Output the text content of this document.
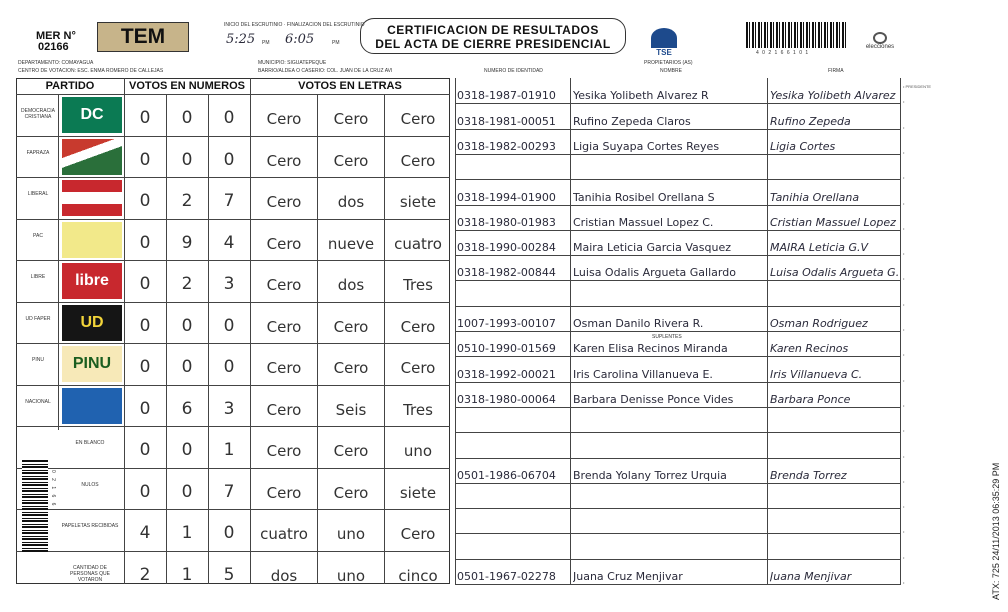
MER N°
02166	TEM	INICIO DEL ESCRUTINIO · FINALIZACION DEL ESCRUTINIO
5:25 PM 6:05	PM
CERTIFICACION DE RESULTADOS
DEL ACTA DE CIERRE PRESIDENCIAL
TSE	4 0 2 1 6 6 1 0 1
elecciones
DEPARTAMENTO: COMAYAGUA
CENTRO DE VOTACION: ESC. ENMA ROMERO DE CALLEJAS
MUNICIPIO: SIGUATEPEQUE
BARRIO/ALDEA O CASERIO: COL. JUAN DE LA CRUZ AVI	NUMERO DE IDENTIDAD
PROPIETARIOS (AS)
NOMBRE	FIRMA
PARTIDO	VOTOS EN NUMEROS	VOTOS EN LETRAS
DEMOCRACIA CRISTIANA	DC	0	0	0	Cero	Cero	Cero
FAPRAZA	0	0	0	Cero	Cero	Cero
LIBERAL	0	2	7	Cero	dos	siete
PAC	0	9	4	Cero	nueve	cuatro
LIBRE	libre	0	2	3	Cero	dos	Tres
UD FAPER	UD	0	0	0	Cero	Cero	Cero
PINU	PINU	0	0	0	Cero	Cero	Cero
NACIONAL	0	6	3	Cero	Seis	Tres
EN BLANCO	0	0	1	Cero	Cero	uno
NULOS	0	0	7	Cero	Cero	siete
PAPELETAS RECIBIDAS	4	1	0	cuatro	uno	Cero
CANTIDAD DE PERSONAS QUE VOTARON	2	1	5	dos	uno	cinco
0 2 1 6 6
SUPLENTES
0318-1987-01910	Yesika Yolibeth Alvarez R	Yesika Yolibeth Alvarez	•
0318-1981-00051	Rufino Zepeda Claros	Rufino Zepeda	•
0318-1982-00293	Ligia Suyapa Cortes Reyes	Ligia Cortes	•
•
0318-1994-01900	Tanihia Rosibel Orellana S	Tanihia Orellana	•
0318-1980-01983	Cristian Massuel Lopez C.	Cristian Massuel Lopez	•
0318-1990-00284	Maira Leticia Garcia Vasquez	MAIRA Leticia G.V	•
0318-1982-00844	Luisa Odalis Argueta Gallardo	Luisa Odalis Argueta G. •
•
1007-1993-00107	Osman Danilo Rivera R.	Osman Rodriguez	•
0510-1990-01569	Karen Elisa Recinos Miranda	Karen Recinos	•
0318-1992-00021	Iris Carolina Villanueva E.	Iris Villanueva C.	•
0318-1980-00064	Barbara Denisse Ponce Vides	Barbara Ponce	•
•
•
0501-1986-06704	Brenda Yolany Torrez Urquia	Brenda Torrez	•
•
•
•
0501-1967-02278	Juana Cruz Menjivar	Juana Menjivar	•
• PRESIDENTE
ATX: 725 24/11/2013 06:35:29 PM
